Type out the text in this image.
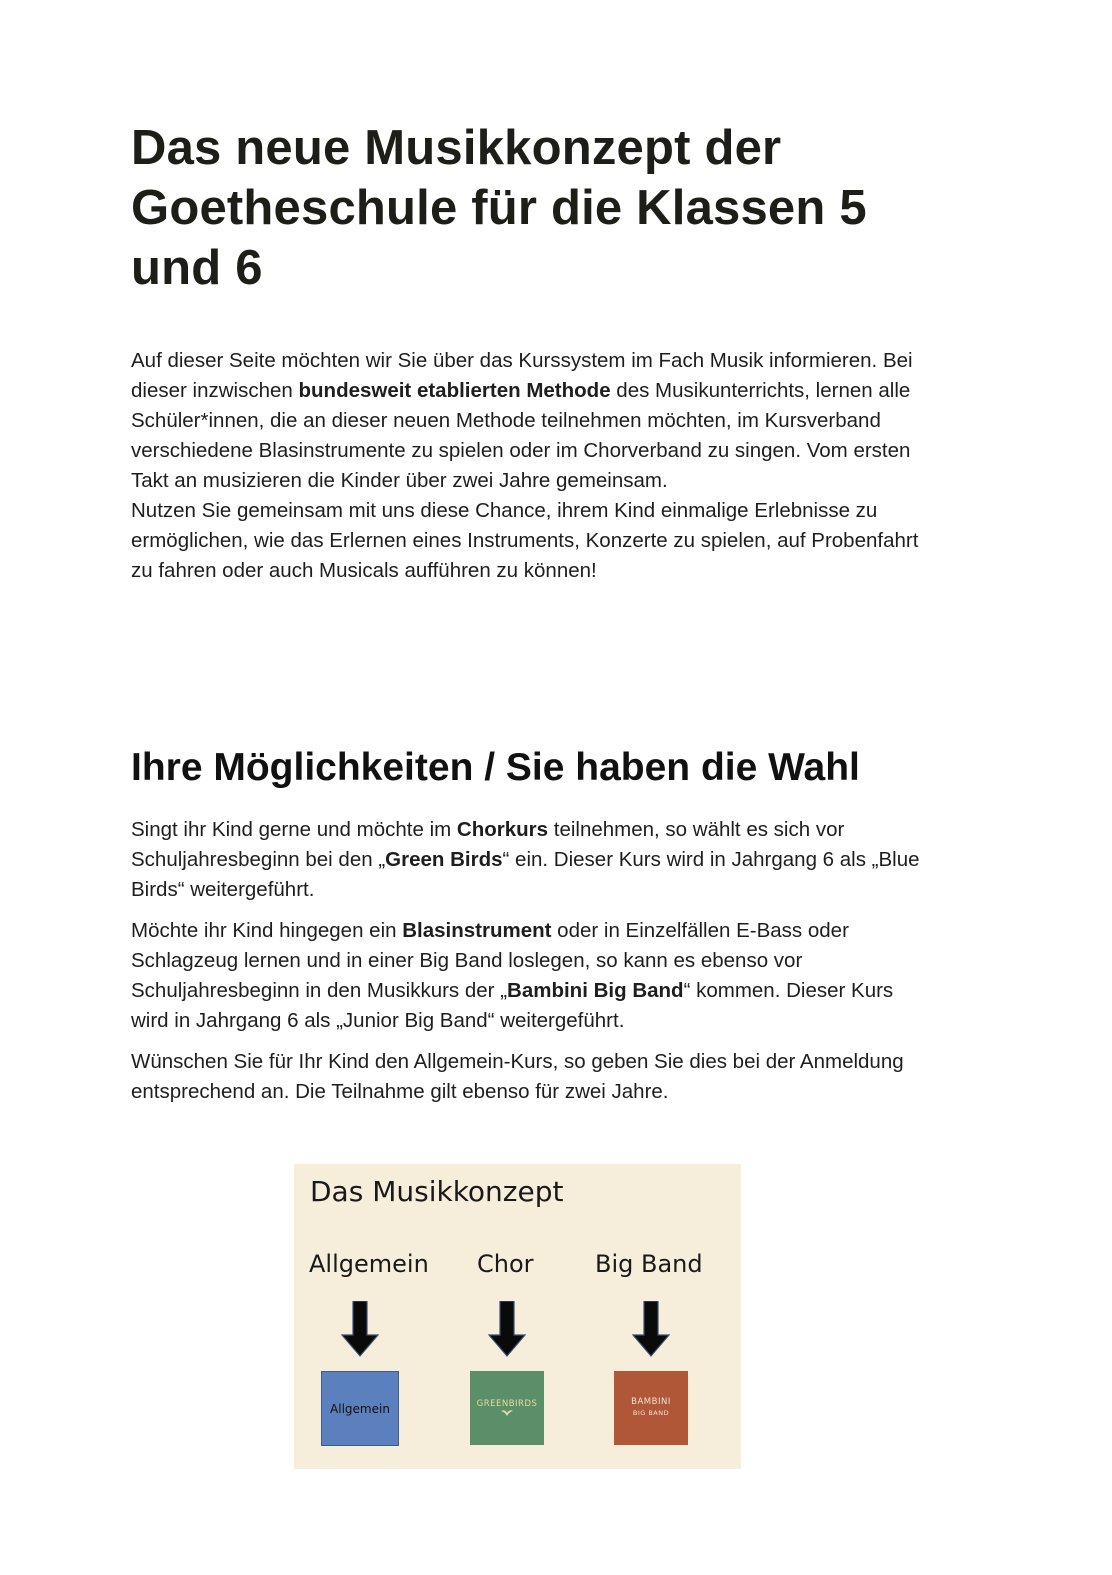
Das neue Musikkonzept der Goetheschule für die Klassen 5 und 6

Auf dieser Seite möchten wir Sie über das Kurssystem im Fach Musik informieren. Bei dieser inzwischen bundesweit etablierten Methode des Musikunterrichts, lernen alle Schüler*innen, die an dieser neuen Methode teilnehmen möchten, im Kursverband verschiedene Blasinstrumente zu spielen oder im Chorverband zu singen. Vom ersten Takt an musizieren die Kinder über zwei Jahre gemeinsam.

Nutzen Sie gemeinsam mit uns diese Chance, ihrem Kind einmalige Erlebnisse zu ermöglichen, wie das Erlernen eines Instruments, Konzerte zu spielen, auf Probenfahrt zu fahren oder auch Musicals aufführen zu können!

Ihre Möglichkeiten / Sie haben die Wahl

Singt ihr Kind gerne und möchte im Chorkurs teilnehmen, so wählt es sich vor Schuljahresbeginn bei den „Green Birds“ ein. Dieser Kurs wird in Jahrgang 6 als „Blue Birds“ weitergeführt.

Möchte ihr Kind hingegen ein Blasinstrument oder in Einzelfällen E-Bass oder Schlagzeug lernen und in einer Big Band loslegen, so kann es ebenso vor Schuljahresbeginn in den Musikkurs der „Bambini Big Band“ kommen. Dieser Kurs wird in Jahrgang 6 als „Junior Big Band“ weitergeführt.

Wünschen Sie für Ihr Kind den Allgemein-Kurs, so geben Sie dies bei der Anmeldung entsprechend an. Die Teilnahme gilt ebenso für zwei Jahre.

Das Musikkonzept
Allgemein Chor	Big Band
Allgemein	GREENBIRDS	BAMBINI
BIG BAND
